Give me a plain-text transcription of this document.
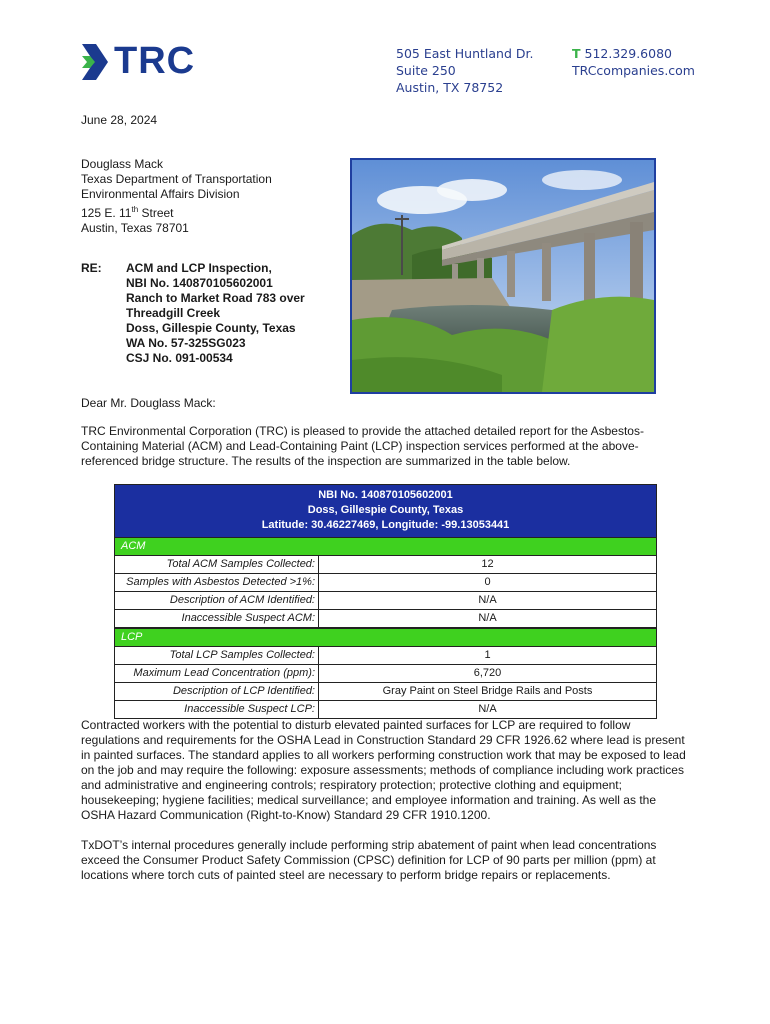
TRC	505 East Huntland Dr.
Suite 250
Austin, TX 78752
T 512.329.6080
TRCcompanies.com
June 28, 2024
Douglass Mack
Texas Department of Transportation
Environmental Affairs Division
125 E. 11th Street
Austin, Texas 78701
RE: ACM and LCP Inspection,
NBI No. 140870105602001
Ranch to Market Road 783 over
Threadgill Creek
Doss, Gillespie County, Texas
WA No. 57-325SG023
CSJ No. 091-00534
Dear Mr. Douglass Mack:
TRC Environmental Corporation (TRC) is pleased to provide the attached detailed report for the Asbestos-Containing Material (ACM) and Lead-Containing Paint (LCP) inspection services performed at the above-referenced bridge structure. The results of the inspection are summarized in the table below.
NBI No. 140870105602001
Doss, Gillespie County, Texas
Latitude: 30.46227469, Longitude: -99.13053441
ACM
Total ACM Samples Collected:	12
Samples with Asbestos Detected >1%:	0
Description of ACM Identified:	N/A
Inaccessible Suspect ACM:	N/A
LCP
Total LCP Samples Collected:	1
Maximum Lead Concentration (ppm):	6,720
Description of LCP Identified:	Gray Paint on Steel Bridge Rails and Posts
Inaccessible Suspect LCP:	N/A
Contracted workers with the potential to disturb elevated painted surfaces for LCP are required to follow regulations and requirements for the OSHA Lead in Construction Standard 29 CFR 1926.62 where lead is present in painted surfaces. The standard applies to all workers performing construction work that may be exposed to lead on the job and may require the following: exposure assessments; methods of compliance including work practices and administrative and engineering controls; respiratory protection; protective clothing and equipment; housekeeping; hygiene facilities; medical surveillance; and employee information and training. As well as the OSHA Hazard Communication (Right-to-Know) Standard 29 CFR 1910.1200.
TxDOT’s internal procedures generally include performing strip abatement of paint when lead concentrations exceed the Consumer Product Safety Commission (CPSC) definition for LCP of 90 parts per million (ppm) at locations where torch cuts of painted steel are necessary to perform bridge repairs or replacements.
